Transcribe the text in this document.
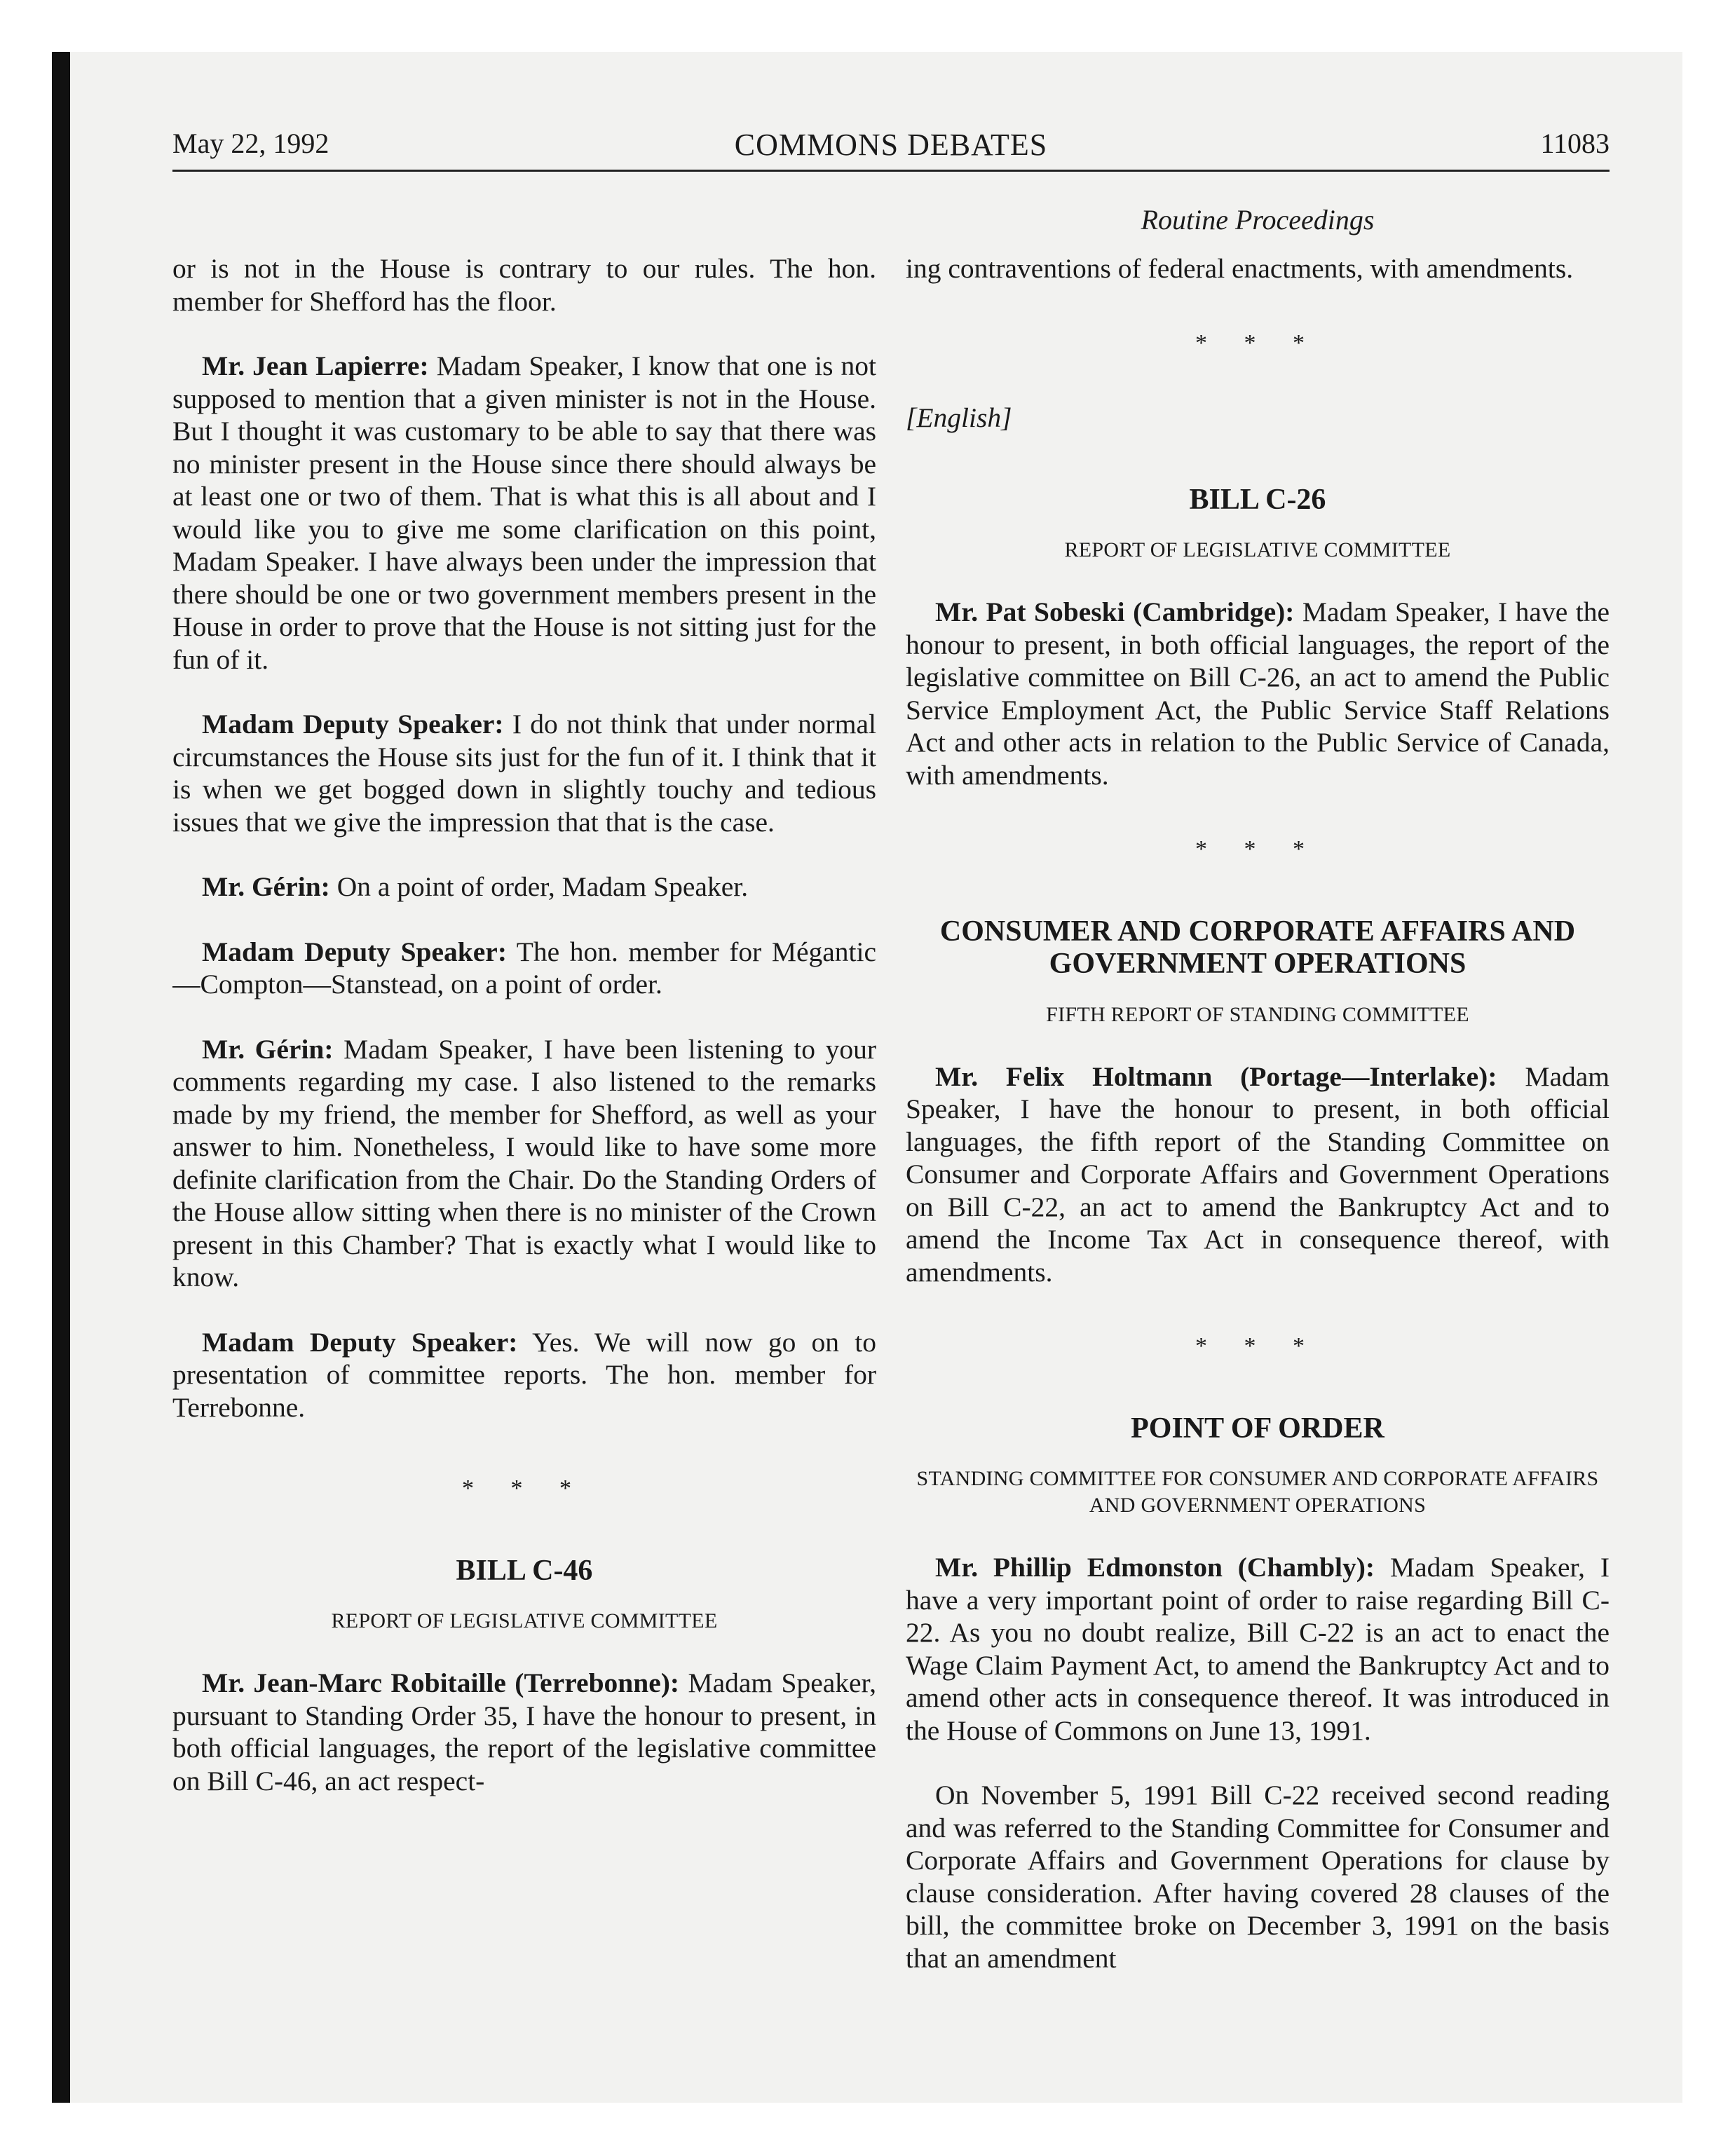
May 22, 1992	COMMONS DEBATES	11083
Routine Proceedings

or is not in the House is contrary to our rules. The hon. member for Shefford has the floor.

Mr. Jean Lapierre: Madam Speaker, I know that one is not supposed to mention that a given minister is not in the House. But I thought it was customary to be able to say that there was no minister present in the House since there should always be at least one or two of them. That is what this is all about and I would like you to give me some clarification on this point, Madam Speaker. I have always been under the impression that there should be one or two government members present in the House in order to prove that the House is not sitting just for the fun of it.

Madam Deputy Speaker: I do not think that under normal circumstances the House sits just for the fun of it. I think that it is when we get bogged down in slightly touchy and tedious issues that we give the impression that that is the case.

Mr. Gérin: On a point of order, Madam Speaker.

Madam Deputy Speaker: The hon. member for Mégantic—Compton—Stanstead, on a point of order.

Mr. Gérin: Madam Speaker, I have been listening to your comments regarding my case. I also listened to the remarks made by my friend, the member for Shefford, as well as your answer to him. Nonetheless, I would like to have some more definite clarification from the Chair. Do the Standing Orders of the House allow sitting when there is no minister of the Crown present in this Chamber? That is exactly what I would like to know.

Madam Deputy Speaker: Yes. We will now go on to presentation of committee reports. The hon. member for Terrebonne.

* * *

BILL C-46

REPORT OF LEGISLATIVE COMMITTEE

Mr. Jean-Marc Robitaille (Terrebonne): Madam Speaker, pursuant to Standing Order 35, I have the honour to present, in both official languages, the report of the legislative committee on Bill C-46, an act respect-

ing contraventions of federal enactments, with amendments.

* * *

[English]

BILL C-26

REPORT OF LEGISLATIVE COMMITTEE

Mr. Pat Sobeski (Cambridge): Madam Speaker, I have the honour to present, in both official languages, the report of the legislative committee on Bill C-26, an act to amend the Public Service Employment Act, the Public Service Staff Relations Act and other acts in relation to the Public Service of Canada, with amendments.

* * *

CONSUMER AND CORPORATE AFFAIRS AND GOVERNMENT OPERATIONS

FIFTH REPORT OF STANDING COMMITTEE

Mr. Felix Holtmann (Portage—Interlake): Madam Speaker, I have the honour to present, in both official languages, the fifth report of the Standing Committee on Consumer and Corporate Affairs and Government Operations on Bill C-22, an act to amend the Bankruptcy Act and to amend the Income Tax Act in consequence thereof, with amendments.

* * *

POINT OF ORDER

STANDING COMMITTEE FOR CONSUMER AND CORPORATE AFFAIRS AND GOVERNMENT OPERATIONS

Mr. Phillip Edmonston (Chambly): Madam Speaker, I have a very important point of order to raise regarding Bill C-22. As you no doubt realize, Bill C-22 is an act to enact the Wage Claim Payment Act, to amend the Bankruptcy Act and to amend other acts in consequence thereof. It was introduced in the House of Commons on June 13, 1991.

On November 5, 1991 Bill C-22 received second reading and was referred to the Standing Committee for Consumer and Corporate Affairs and Government Operations for clause by clause consideration. After having covered 28 clauses of the bill, the committee broke on December 3, 1991 on the basis that an amendment
